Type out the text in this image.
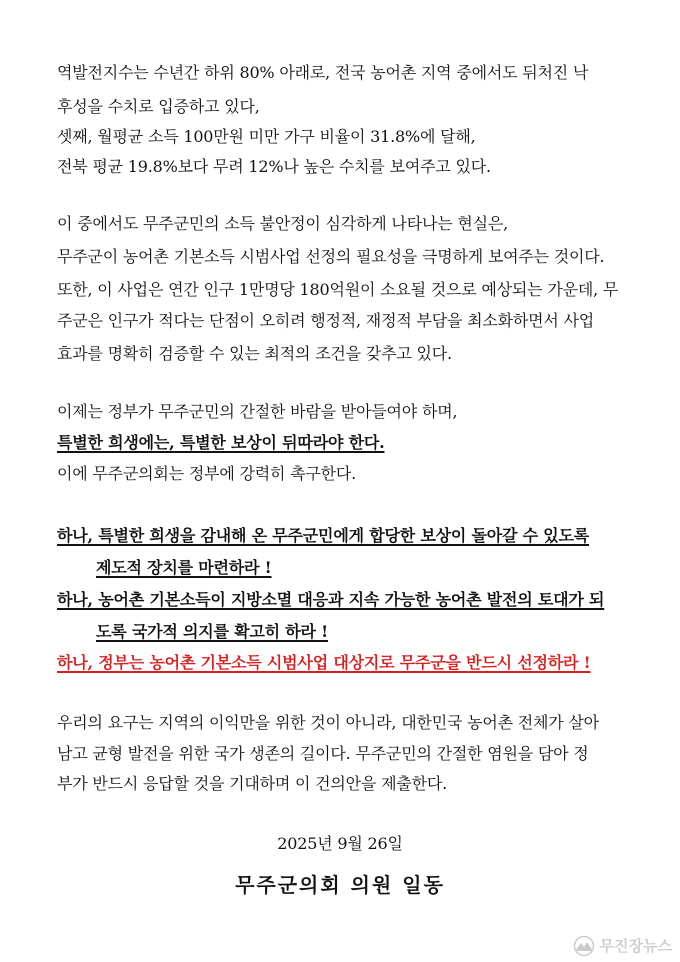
역발전지수는 수년간 하위 80% 아래로, 전국 농어촌 지역 중에서도 뒤처진 낙
후성을 수치로 입증하고 있다,
셋째, 월평균 소득 100만원 미만 가구 비율이 31.8%에 달해,
전북 평균 19.8%보다 무려 12%나 높은 수치를 보여주고 있다.
이 중에서도 무주군민의 소득 불안정이 심각하게 나타나는 현실은,
무주군이 농어촌 기본소득 시범사업 선정의 필요성을 극명하게 보여주는 것이다.
또한, 이 사업은 연간 인구 1만명당 180억원이 소요될 것으로 예상되는 가운데, 무
주군은 인구가 적다는 단점이 오히려 행정적, 재정적 부담을 최소화하면서 사업
효과를 명확히 검증할 수 있는 최적의 조건을 갖추고 있다.
이제는 정부가 무주군민의 간절한 바람을 받아들여야 하며,
특별한 희생에는, 특별한 보상이 뒤따라야 한다.
이에 무주군의회는 정부에 강력히 촉구한다.
하나, 특별한 희생을 감내해 온 무주군민에게 합당한 보상이 돌아갈 수 있도록
제도적 장치를 마련하라 !
하나, 농어촌 기본소득이 지방소멸 대응과 지속 가능한 농어촌 발전의 토대가 되
도록 국가적 의지를 확고히 하라 !
하나, 정부는 농어촌 기본소득 시범사업 대상지로 무주군을 반드시 선정하라 !
우리의 요구는 지역의 이익만을 위한 것이 아니라, 대한민국 농어촌 전체가 살아
남고 균형 발전을 위한 국가 생존의 길이다. 무주군민의 간절한 염원을 담아 정
부가 반드시 응답할 것을 기대하며 이 건의안을 제출한다.
2025년 9월 26일
무주군의회 의원 일동
무진장뉴스
